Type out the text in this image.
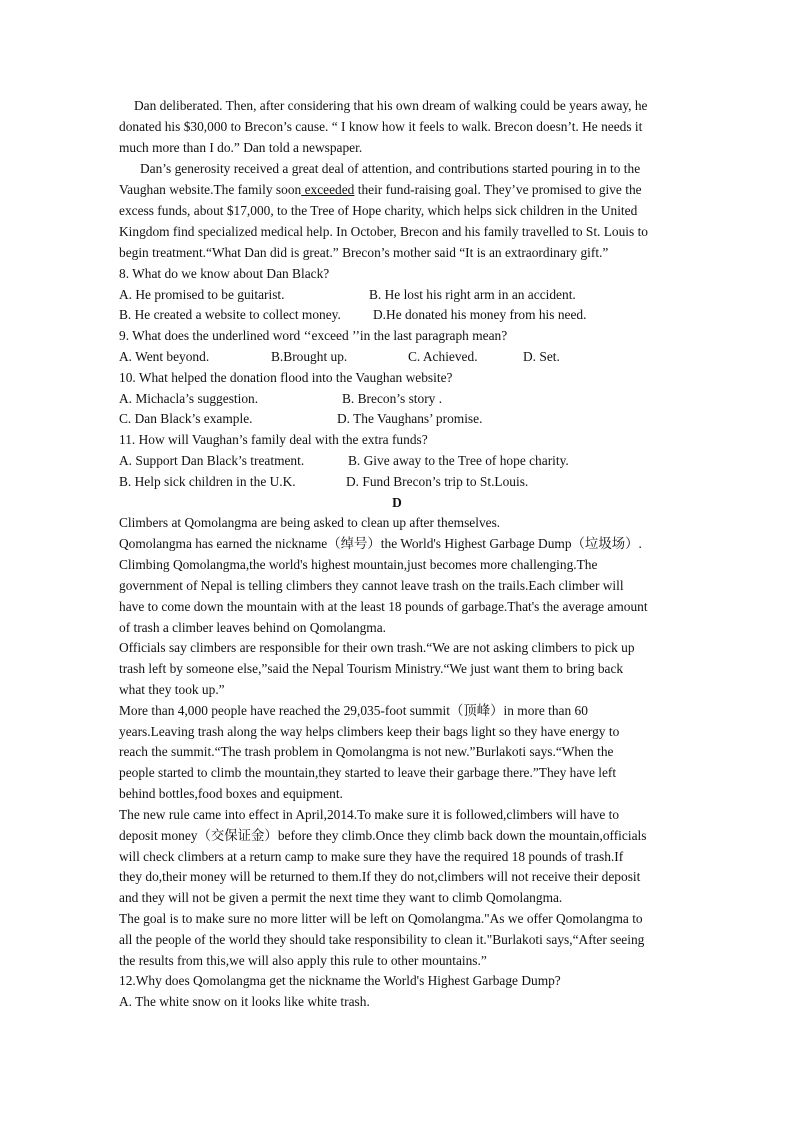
Dan deliberated. Then, after considering that his own dream of walking could be years away, he
donated his $30,000 to Brecon’s cause. “ I know how it feels to walk. Brecon doesn’t. He needs it
much more than I do.” Dan told a newspaper.
Dan’s generosity received a great deal of attention, and contributions started pouring in to the
Vaughan website.The family soon exceeded their fund-raising goal. They’ve promised to give the
excess funds, about $17,000, to the Tree of Hope charity, which helps sick children in the United
Kingdom find specialized medical help. In October, Brecon and his family travelled to St. Louis to
begin treatment.“What Dan did is great.” Brecon’s mother said “It is an extraordinary gift.”
8. What do we know about Dan Black?
A. He promised to be guitarist.	B. He lost his right arm in an accident.
B. He created a website to collect money. D.He donated his money from his need.
9. What does the underlined word ‘‘exceed ’’in the last paragraph mean?
A. Went beyond.	B.Brought up.	C. Achieved.	D. Set.
10. What helped the donation flood into the Vaughan website?
A. Michacla’s suggestion.	B. Brecon’s story .
C. Dan Black’s example.	D. The Vaughans’ promise.
11. How will Vaughan’s family deal with the extra funds?
A. Support Dan Black’s treatment.	B. Give away to the Tree of hope charity.
B. Help sick children in the U.K.	D. Fund Brecon’s trip to St.Louis.
D
Climbers at Qomolangma are being asked to clean up after themselves.
Qomolangma has earned the nickname（绰号）the World's Highest Garbage Dump（垃圾场）.
Climbing Qomolangma,the world's highest mountain,just becomes more challenging.The
government of Nepal is telling climbers they cannot leave trash on the trails.Each climber will
have to come down the mountain with at the least 18 pounds of garbage.That's the average amount
of trash a climber leaves behind on Qomolangma.
Officials say climbers are responsible for their own trash.“We are not asking climbers to pick up
trash left by someone else,”said the Nepal Tourism Ministry.“We just want them to bring back
what they took up.”
More than 4,000 people have reached the 29,035-foot summit（顶峰）in more than 60
years.Leaving trash along the way helps climbers keep their bags light so they have energy to
reach the summit.“The trash problem in Qomolangma is not new.”Burlakoti says.“When the
people started to climb the mountain,they started to leave their garbage there.”They have left
behind bottles,food boxes and equipment.
The new rule came into effect in April,2014.To make sure it is followed,climbers will have to
deposit money（交保证金）before they climb.Once they climb back down the mountain,officials
will check climbers at a return camp to make sure they have the required 18 pounds of trash.If
they do,their money will be returned to them.If they do not,climbers will not receive their deposit
and they will not be given a permit the next time they want to climb Qomolangma.
The goal is to make sure no more litter will be left on Qomolangma."As we offer Qomolangma to
all the people of the world they should take responsibility to clean it."Burlakoti says,“After seeing
the results from this,we will also apply this rule to other mountains.”
12.Why does Qomolangma get the nickname the World's Highest Garbage Dump?
A. The white snow on it looks like white trash.
